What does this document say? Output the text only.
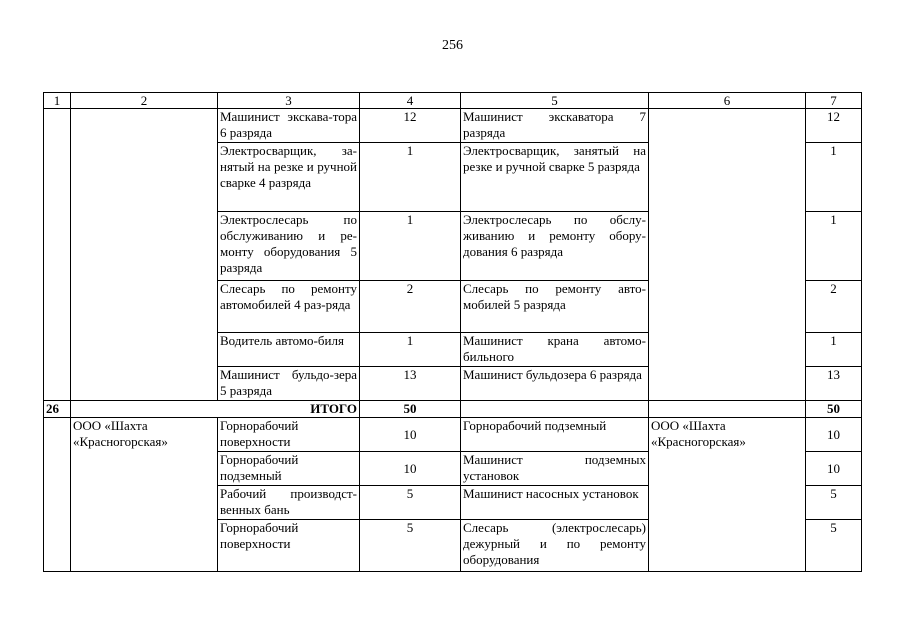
256
1	2	3	4	5	6	7
		Машинист экскава-тора 6 разряда	12	Машинист экскаватора 7 разряда		12
		Электросварщик, за-нятый на резке и ручной сварке 4 разряда	1	Электросварщик, занятый на резке и ручной сварке 5 разряда		1
		Электрослесарь по обслуживанию и ре-монту оборудования 5 разряда	1	Электрослесарь по обслу-живанию и ремонту обору-дования 6 разряда		1
		Слесарь по ремонту автомобилей 4 раз-ряда	2	Слесарь по ремонту авто-мобилей 5 разряда		2
		Водитель автомо-биля	1	Машинист крана автомо-бильного		1
		Машинист бульдо-зера 5 разряда	13	Машинист бульдозера 6 разряда		13
26	ИТОГО		50			50
	ООО «Шахта «Красногорская»	Горнорабочий поверхности	10	Горнорабочий подземный	ООО «Шахта «Красногорская»	10
		Горнорабочий подземный	10	Машинист подземных установок		10
		Рабочий производст-венных бань	5	Машинист насосных установок		5
		Горнорабочий поверхности	5	Слесарь (электрослесарь) дежурный и по ремонту оборудования		5
